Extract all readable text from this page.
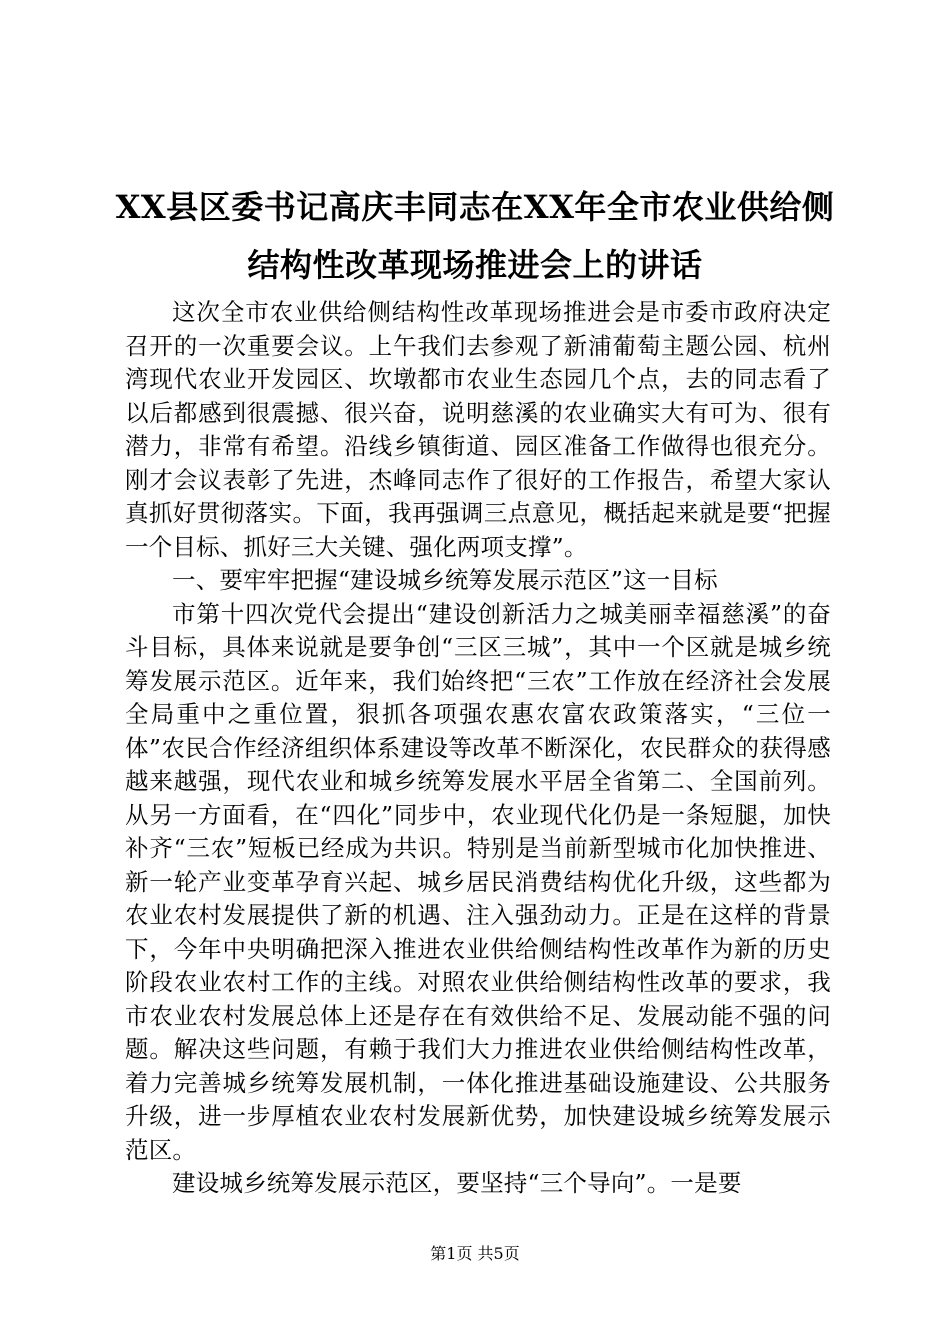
XX县区委书记高庆丰同志在XX年全市农业供给侧结构性改革现场推进会上的讲话

这次全市农业供给侧结构性改革现场推进会是市委市政府决定召开的一次重要会议。上午我们去参观了新浦葡萄主题公园、杭州湾现代农业开发园区、坎墩都市农业生态园几个点，去的同志看了以后都感到很震撼、很兴奋，说明慈溪的农业确实大有可为、很有潜力，非常有希望。沿线乡镇街道、园区准备工作做得也很充分。刚才会议表彰了先进，杰峰同志作了很好的工作报告，希望大家认真抓好贯彻落实。下面，我再强调三点意见，概括起来就是要“把握一个目标、抓好三大关键、强化两项支撑”。

一、要牢牢把握“建设城乡统筹发展示范区”这一目标

市第十四次党代会提出“建设创新活力之城美丽幸福慈溪”的奋斗目标，具体来说就是要争创“三区三城”，其中一个区就是城乡统筹发展示范区。近年来，我们始终把“三农”工作放在经济社会发展全局重中之重位置，狠抓各项强农惠农富农政策落实，“三位一体”农民合作经济组织体系建设等改革不断深化，农民群众的获得感越来越强，现代农业和城乡统筹发展水平居全省第二、全国前列。从另一方面看，在“四化”同步中，农业现代化仍是一条短腿，加快补齐“三农”短板已经成为共识。特别是当前新型城市化加快推进、新一轮产业变革孕育兴起、城乡居民消费结构优化升级，这些都为农业农村发展提供了新的机遇、注入强劲动力。正是在这样的背景下，今年中央明确把深入推进农业供给侧结构性改革作为新的历史阶段农业农村工作的主线。对照农业供给侧结构性改革的要求，我市农业农村发展总体上还是存在有效供给不足、发展动能不强的问题。解决这些问题，有赖于我们大力推进农业供给侧结构性改革，着力完善城乡统筹发展机制，一体化推进基础设施建设、公共服务升级，进一步厚植农业农村发展新优势，加快建设城乡统筹发展示范区。

建设城乡统筹发展示范区，要坚持“三个导向”。一是要

第1页 共5页
